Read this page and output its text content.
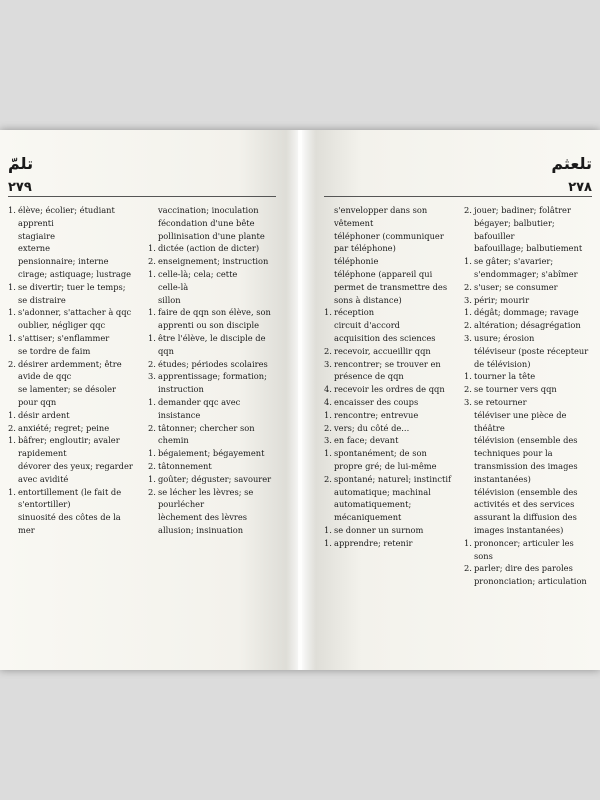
٢٧٩
تلمّ
1. élève; écolier; étudiant
apprenti
stagiaire
externe
pensionnaire; interne
cirage; astiquage; lustrage
1. se divertir; tuer le temps; se distraire
1. s'adonner, s'attacher à qqc
oublier, négliger qqc
1. s'attiser; s'enflammer
se tordre de faim
2. désirer ardemment; être avide de qqc
se lamenter; se désoler pour qqn
1. désir ardent
2. anxiété; regret; peine
1. bâfrer; engloutir; avaler rapidement
dévorer des yeux; regarder avec avidité
1. entortillement (le fait de s'entortiller)
sinuosité des côtes de la mer
vaccination; inoculation
fécondation d'une bête
pollinisation d'une plante
1. dictée (action de dicter)
2. enseignement; instruction
1. celle-là; cela; cette
celle-là
sillon
1. faire de qqn son élève, son apprenti ou son disciple
1. être l'élève, le disciple de qqn
2. études; périodes scolaires
3. apprentissage; formation; instruction
1. demander qqc avec insistance
2. tâtonner; chercher son chemin
1. bégaiement; bégayement
2. tâtonnement
1. goûter; déguster; savourer
2. se lécher les lèvres; se pourlécher
lèchement des lèvres
allusion; insinuation
٢٧٨
تلعثم
s'envelopper dans son vêtement
téléphoner (communiquer par téléphone)
téléphonie
téléphone (appareil qui permet de transmettre des sons à distance)
1. réception
circuit d'accord
acquisition des sciences
2. recevoir, accueillir qqn
3. rencontrer; se trouver en présence de qqn
4. recevoir les ordres de qqn
4. encaisser des coups
1. rencontre; entrevue
2. vers; du côté de...
3. en face; devant
1. spontanément; de son propre gré; de lui-même
2. spontané; naturel; instinctif
automatique; machinal
automatiquement; mécaniquement
1. se donner un surnom
1. apprendre; retenir
2. jouer; badiner; folâtrer
bégayer; balbutier; bafouiller
bafouillage; balbutiement
1. se gâter; s'avarier; s'endommager; s'abîmer
2. s'user; se consumer
3. périr; mourir
1. dégât; dommage; ravage
2. altération; désagrégation
3. usure; érosion
téléviseur (poste récepteur de télévision)
1. tourner la tête
2. se tourner vers qqn
3. se retourner
téléviser une pièce de théâtre
télévision (ensemble des techniques pour la transmission des images instantanées)
télévision (ensemble des activités et des services assurant la diffusion des images instantanées)
1. prononcer; articuler les sons
2. parler; dire des paroles
prononciation; articulation
